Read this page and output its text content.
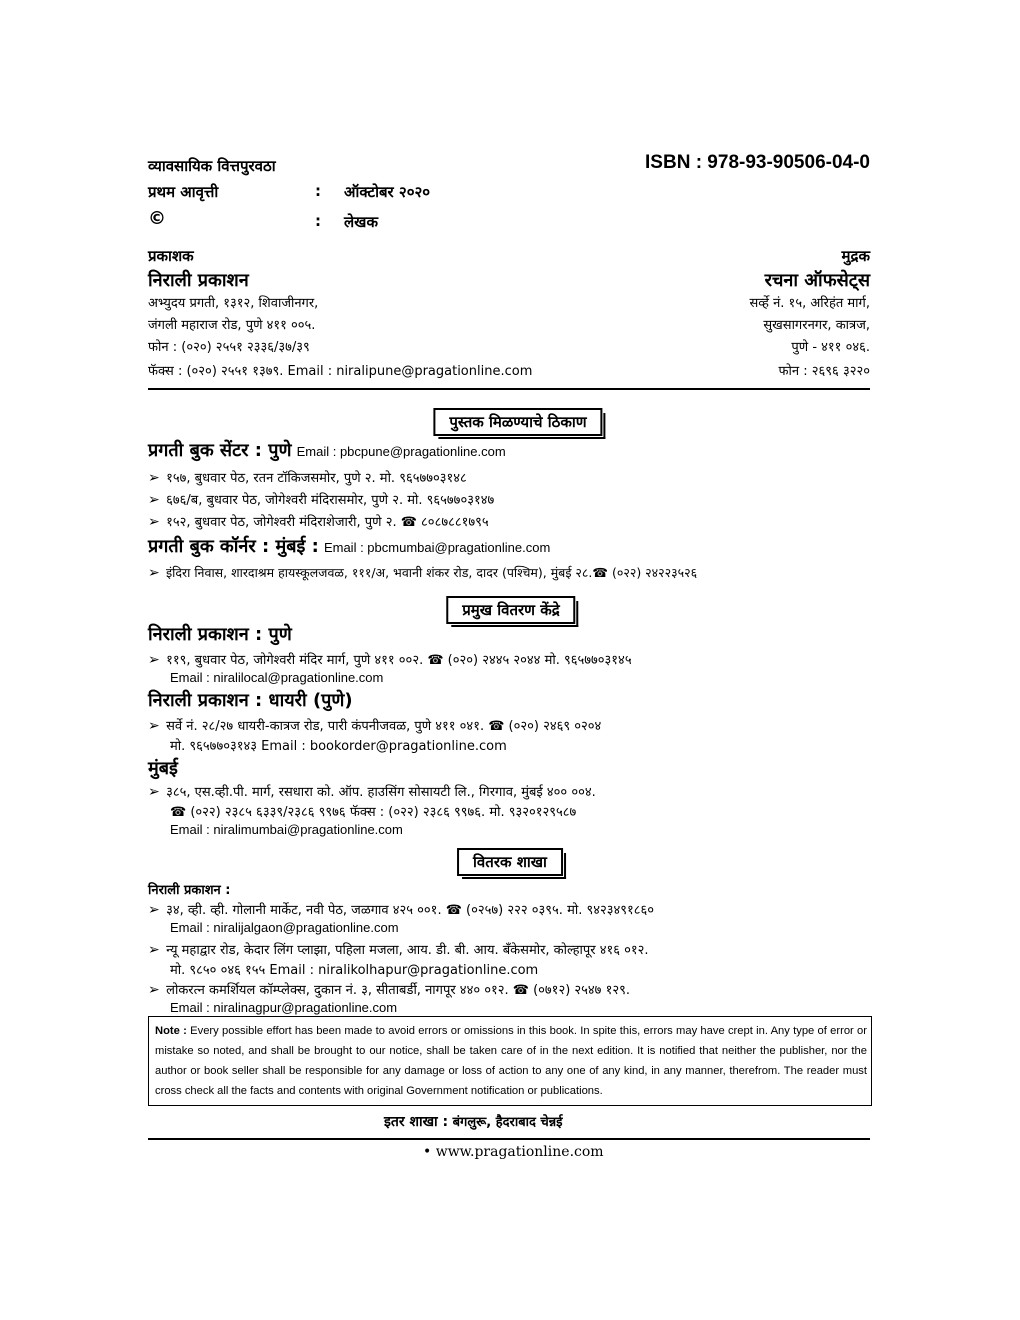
व्यावसायिक वित्तपुरवठा	ISBN : 978-93-90506-04-0
प्रथम आवृत्ती	: ऑक्टोबर २०२०
©	: लेखक
प्रकाशक
निराली प्रकाशन
अभ्युदय प्रगती, १३१२, शिवाजीनगर,
जंगली महाराज रोड, पुणे ४११ ००५.
फोन : (०२०) २५५१ २३३६/३७/३९
फॅक्स : (०२०) २५५१ १३७९. Email : niralipune@pragationline.com
मुद्रक
रचना ऑफसेट्स
सर्व्हे नं. १५, अरिहंत मार्ग,
सुखसागरनगर, कात्रज,
पुणे - ४११ ०४६.
फोन : २६९६ ३२२०
पुस्तक मिळण्याचे ठिकाण
प्रगती बुक सेंटर : पुणे Email : pbcpune@pragationline.com
➢ १५७, बुधवार पेठ, रतन टॉकिजसमोर, पुणे २. मो. ९६५७७०३१४८
➢ ६७६/ब, बुधवार पेठ, जोगेश्वरी मंदिरासमोर, पुणे २. मो. ९६५७७०३१४७
➢ १५२, बुधवार पेठ, जोगेश्वरी मंदिराशेजारी, पुणे २. ☎ ८०८७८८१७९५
प्रगती बुक कॉर्नर : मुंबई : Email : pbcmumbai@pragationline.com
➢ इंदिरा निवास, शारदाश्रम हायस्कूलजवळ, १११/अ, भवानी शंकर रोड, दादर (पश्चिम), मुंबई २८.☎ (०२२) २४२२३५२६
प्रमुख वितरण केंद्रे
निराली प्रकाशन : पुणे
➢ ११९, बुधवार पेठ, जोगेश्वरी मंदिर मार्ग, पुणे ४११ ००२. ☎ (०२०) २४४५ २०४४ मो. ९६५७७०३१४५
Email : niralilocal@pragationline.com
निराली प्रकाशन : धायरी (पुणे)
➢ सर्वे नं. २८/२७ धायरी-कात्रज रोड, पारी कंपनीजवळ, पुणे ४११ ०४१. ☎ (०२०) २४६९ ०२०४
मो. ९६५७७०३१४३ Email : bookorder@pragationline.com
मुंबई
➢ ३८५, एस.व्ही.पी. मार्ग, रसधारा को. ऑप. हाउसिंग सोसायटी लि., गिरगाव, मुंबई ४०० ००४.
☎ (०२२) २३८५ ६३३९/२३८६ ९९७६ फॅक्स : (०२२) २३८६ ९९७६. मो. ९३२०१२९५८७
Email : niralimumbai@pragationline.com
वितरक शाखा
निराली प्रकाशन :
➢ ३४, व्ही. व्ही. गोलानी मार्केट, नवी पेठ, जळगाव ४२५ ००१. ☎ (०२५७) २२२ ०३९५. मो. ९४२३४९१८६०
Email : niralijalgaon@pragationline.com
➢ न्यू महाद्वार रोड, केदार लिंग प्लाझा, पहिला मजला, आय. डी. बी. आय. बँकेसमोर, कोल्हापूर ४१६ ०१२.
मो. ९८५० ०४६ १५५ Email : niralikolhapur@pragationline.com
➢ लोकरत्न कमर्शियल कॉम्प्लेक्स, दुकान नं. ३, सीताबर्डी, नागपूर ४४० ०१२. ☎ (०७१२) २५४७ १२९.
Email : niralinagpur@pragationline.com
Note : Every possible effort has been made to avoid errors or omissions in this book. In spite this, errors may have crept in. Any type of error or mistake so noted, and shall be brought to our notice, shall be taken care of in the next edition. It is notified that neither the publisher, nor the author or book seller shall be responsible for any damage or loss of action to any one of any kind, in any manner, therefrom. The reader must cross check all the facts and contents with original Government notification or publications.
इतर शाखा : बंगलुरू, हैदराबाद चेन्नई
• www.pragationline.com
